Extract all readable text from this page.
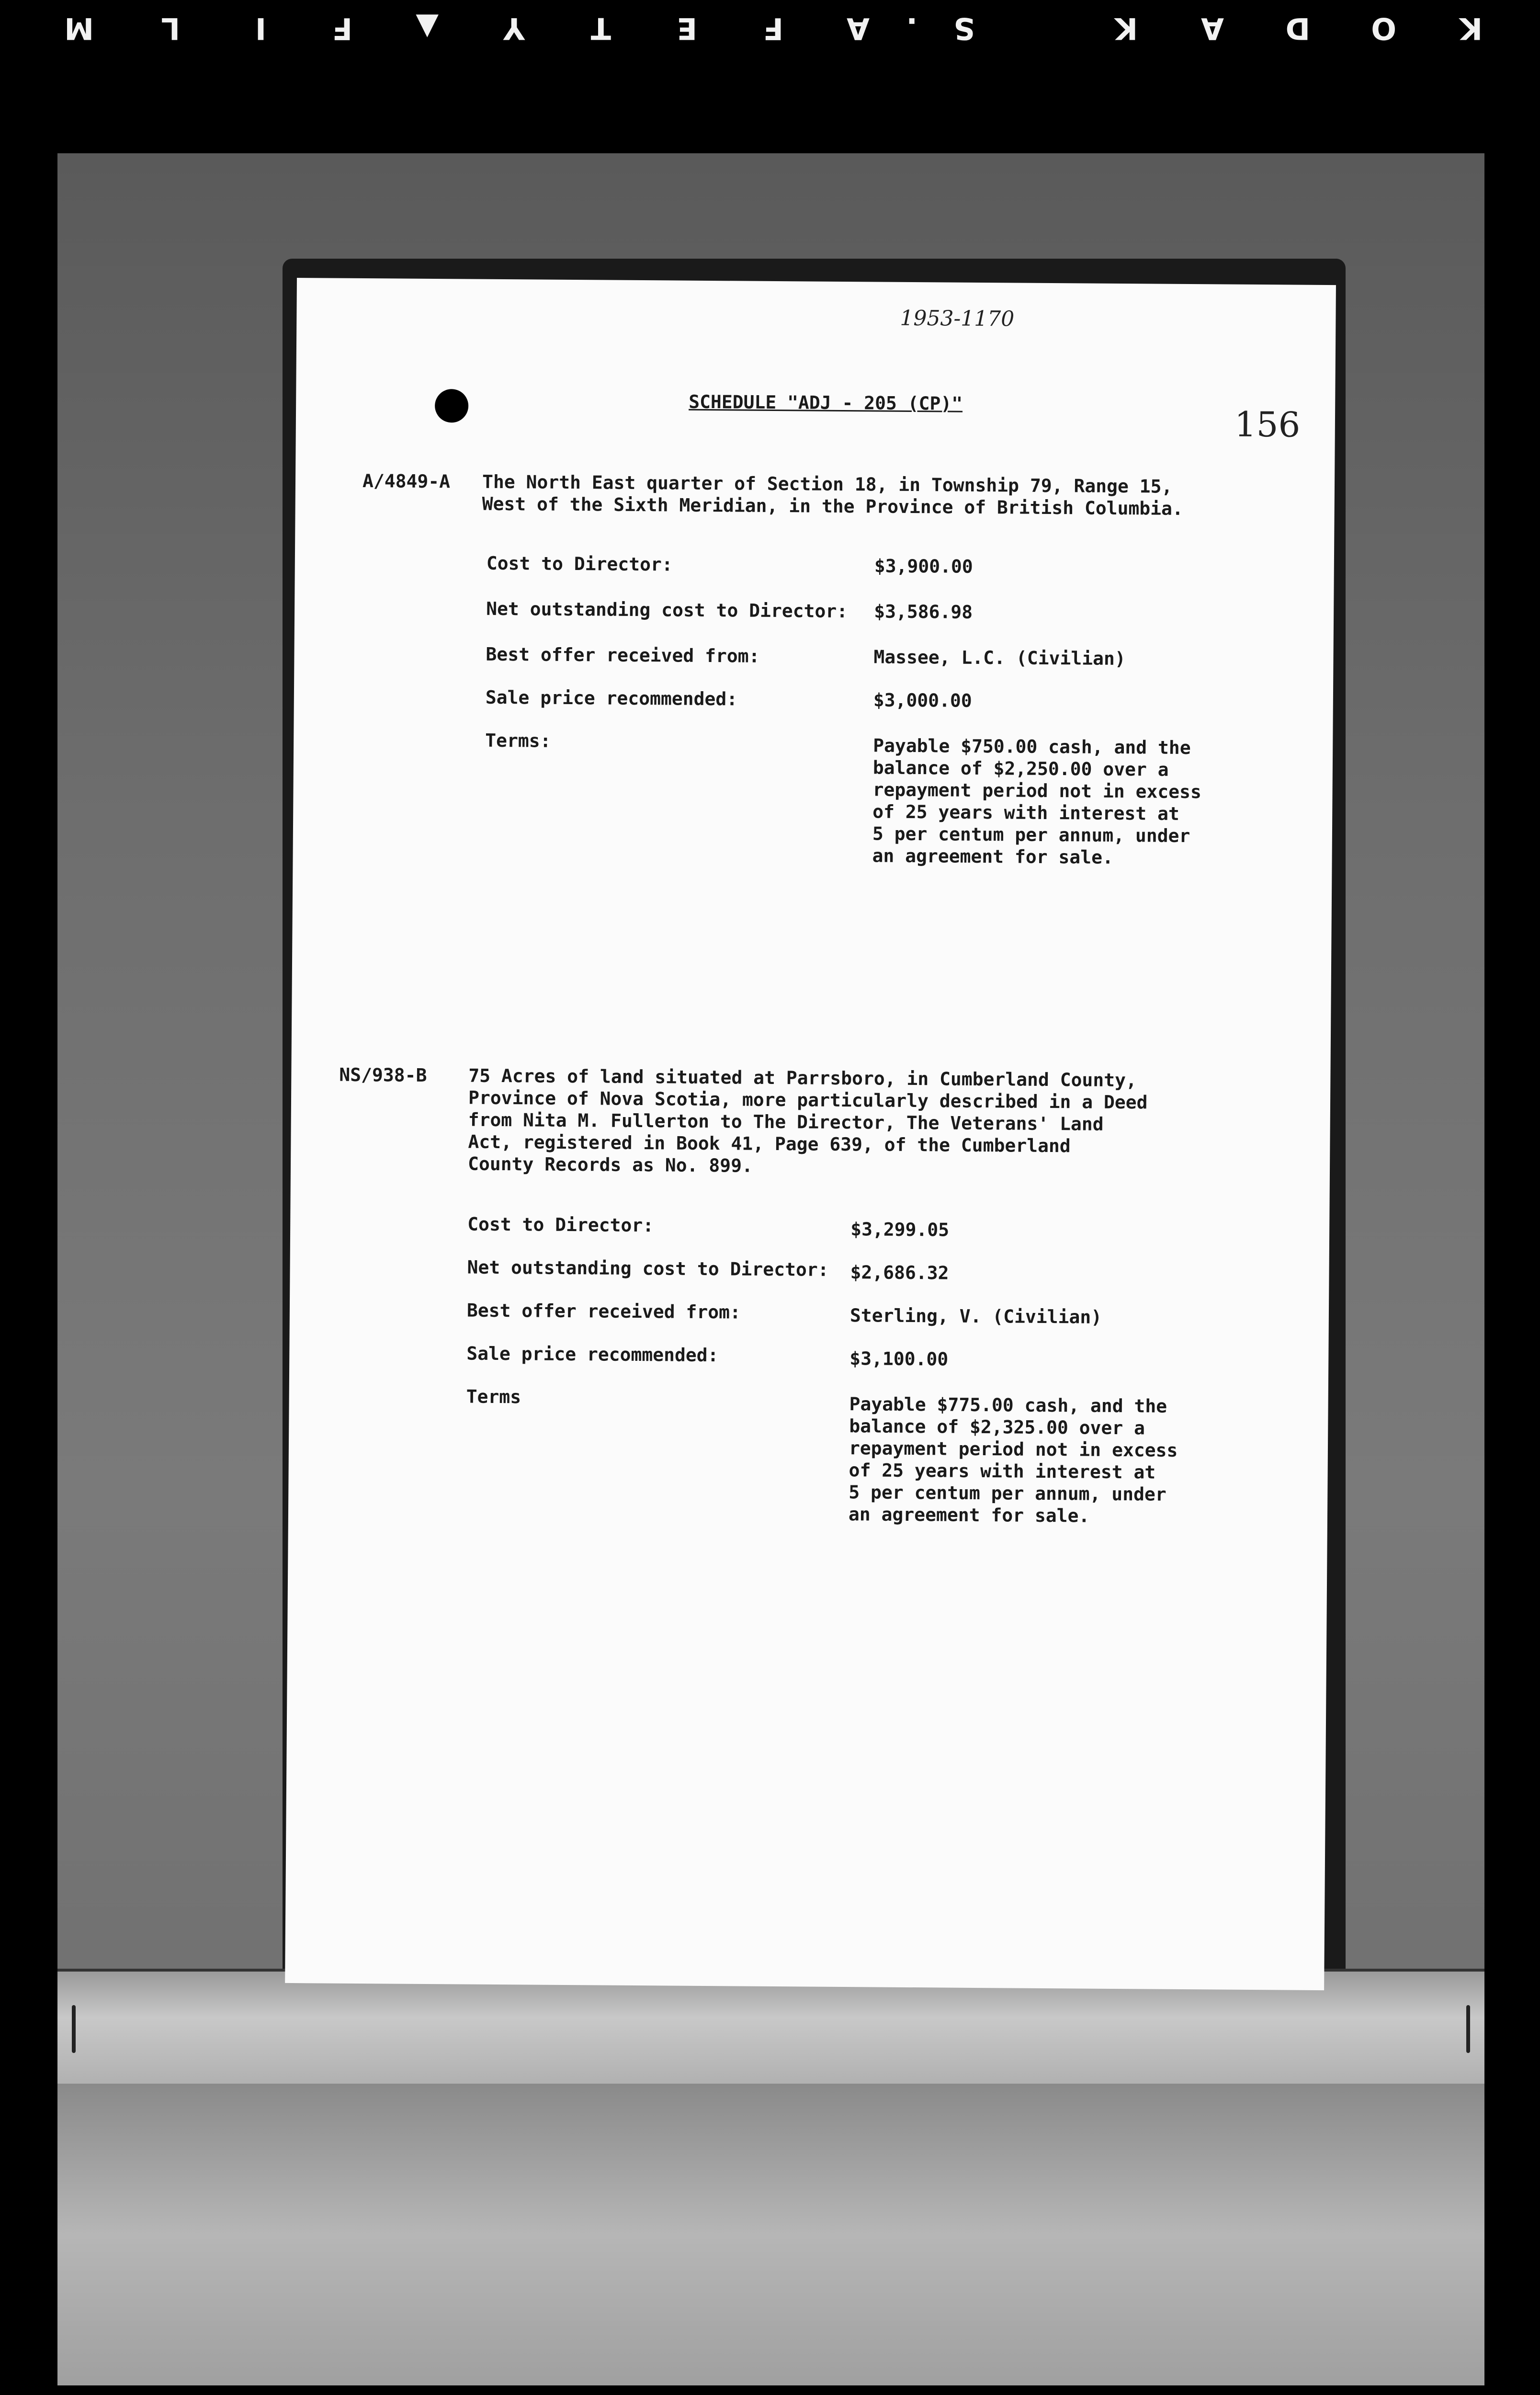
K
O
D
A
K
S
.
A
F
E
T
Y
▲
F
I
L
M
1953-1170
156
SCHEDULE "ADJ - 205 (CP)"
A/4849-A The North East quarter of Section 18, in Township 79, Range 15,
West of the Sixth Meridian, in the Province of British Columbia.
Cost to Director:	$3,900.00
Net outstanding cost to Director: $3,586.98
Best offer received from:	Massee, L.C. (Civilian)
Sale price recommended:	$3,000.00
Terms:	Payable $750.00 cash, and the
balance of $2,250.00 over a
repayment period not in excess
of 25 years with interest at
5 per centum per annum, under
an agreement for sale.
NS/938-B 75 Acres of land situated at Parrsboro, in Cumberland County,
Province of Nova Scotia, more particularly described in a Deed
from Nita M. Fullerton to The Director, The Veterans' Land
Act, registered in Book 41, Page 639, of the Cumberland
County Records as No. 899.
Cost to Director:	$3,299.05
Net outstanding cost to Director: $2,686.32
Best offer received from:	Sterling, V. (Civilian)
Sale price recommended:	$3,100.00
Terms	Payable $775.00 cash, and the
balance of $2,325.00 over a
repayment period not in excess
of 25 years with interest at
5 per centum per annum, under
an agreement for sale.
